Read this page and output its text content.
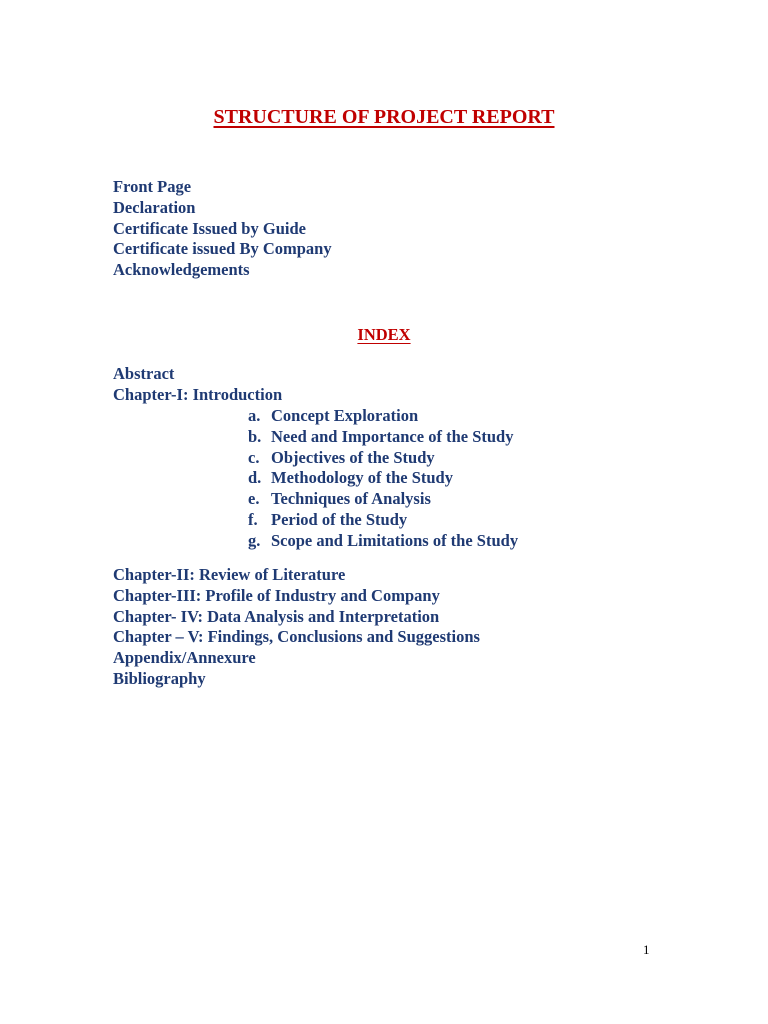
STRUCTURE OF PROJECT REPORT
Front Page
Declaration
Certificate Issued by Guide
Certificate issued By Company
Acknowledgements
INDEX
Abstract
Chapter-I: Introduction
a. Concept Exploration
b. Need and Importance of the Study
c. Objectives of the Study
d. Methodology of the Study
e. Techniques of Analysis
f. Period of the Study
g. Scope and Limitations of the Study
Chapter-II: Review of Literature
Chapter-III: Profile of Industry and Company
Chapter- IV: Data Analysis and Interpretation
Chapter – V: Findings, Conclusions and Suggestions
Appendix/Annexure
Bibliography
1
